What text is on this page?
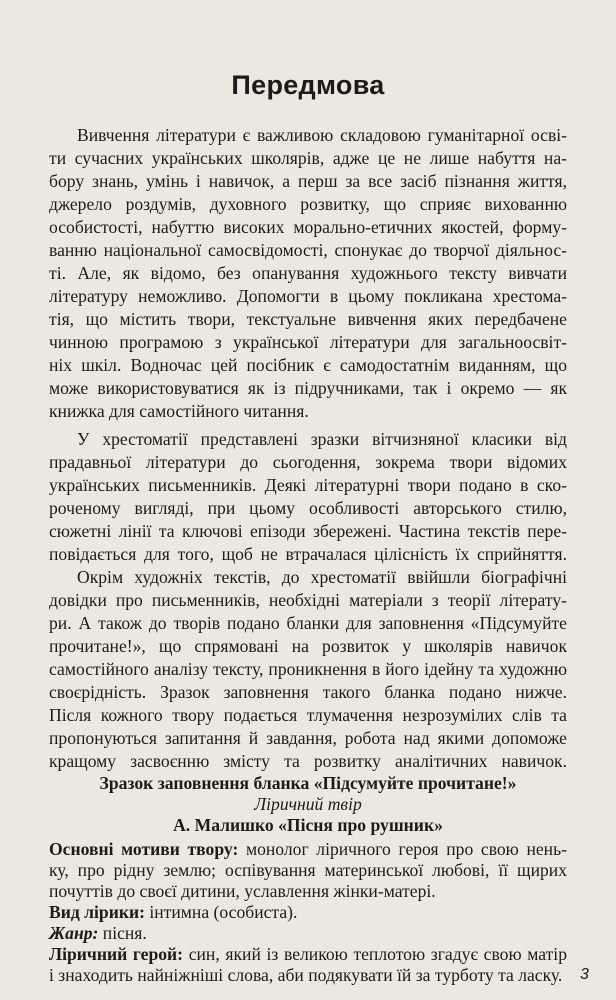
Передмова
Вивчення літератури є важливою складовою гуманітарної осві-
ти сучасних українських школярів, адже це не лише набуття на-
бору знань, умінь і навичок, а перш за все засіб пізнання життя,
джерело роздумів, духовного розвитку, що сприяє вихованню
особистості, набуттю високих морально-етичних якостей, форму-
ванню національної самосвідомості, спонукає до творчої діяльнос-
ті. Але, як відомо, без опанування художнього тексту вивчати
літературу неможливо. Допомогти в цьому покликана хрестома-
тія, що містить твори, текстуальне вивчення яких передбачене
чинною програмою з української літератури для загальноосвіт-
ніх шкіл. Водночас цей посібник є самодостатнім виданням, що
може використовуватися як із підручниками, так і окремо — як
книжка для самостійного читання.
У хрестоматії представлені зразки вітчизняної класики від
прадавньої літератури до сьогодення, зокрема твори відомих
українських письменників. Деякі літературні твори подано в ско-
роченому вигляді, при цьому особливості авторського стилю,
сюжетні лінії та ключові епізоди збережені. Частина текстів пере-
повідається для того, щоб не втрачалася цілісність їх сприйняття.
Окрім художніх текстів, до хрестоматії ввійшли біографічні
довідки про письменників, необхідні матеріали з теорії літерату-
ри. А також до творів подано бланки для заповнення «Підсумуйте
прочитане!», що спрямовані на розвиток у школярів навичок
самостійного аналізу тексту, проникнення в його ідейну та художню
своєрідність. Зразок заповнення такого бланка подано нижче.
Після кожного твору подається тлумачення незрозумілих слів та
пропонуються запитання й завдання, робота над якими допоможе
кращому засвоєнню змісту та розвитку аналітичних навичок.
Зразок заповнення бланка «Підсумуйте прочитане!»
Ліричний твір
А. Малишко «Пісня про рушник»
Основні мотиви твору: монолог ліричного героя про свою нень-
ку, про рідну землю; оспівування материнської любові, її щирих
почуттів до своєї дитини, уславлення жінки-матері.
Вид лірики: інтимна (особиста).
Жанр: пісня.
Ліричний герой: син, який із великою теплотою згадує свою матір
і знаходить найніжніші слова, аби подякувати їй за турботу та ласку. 3
